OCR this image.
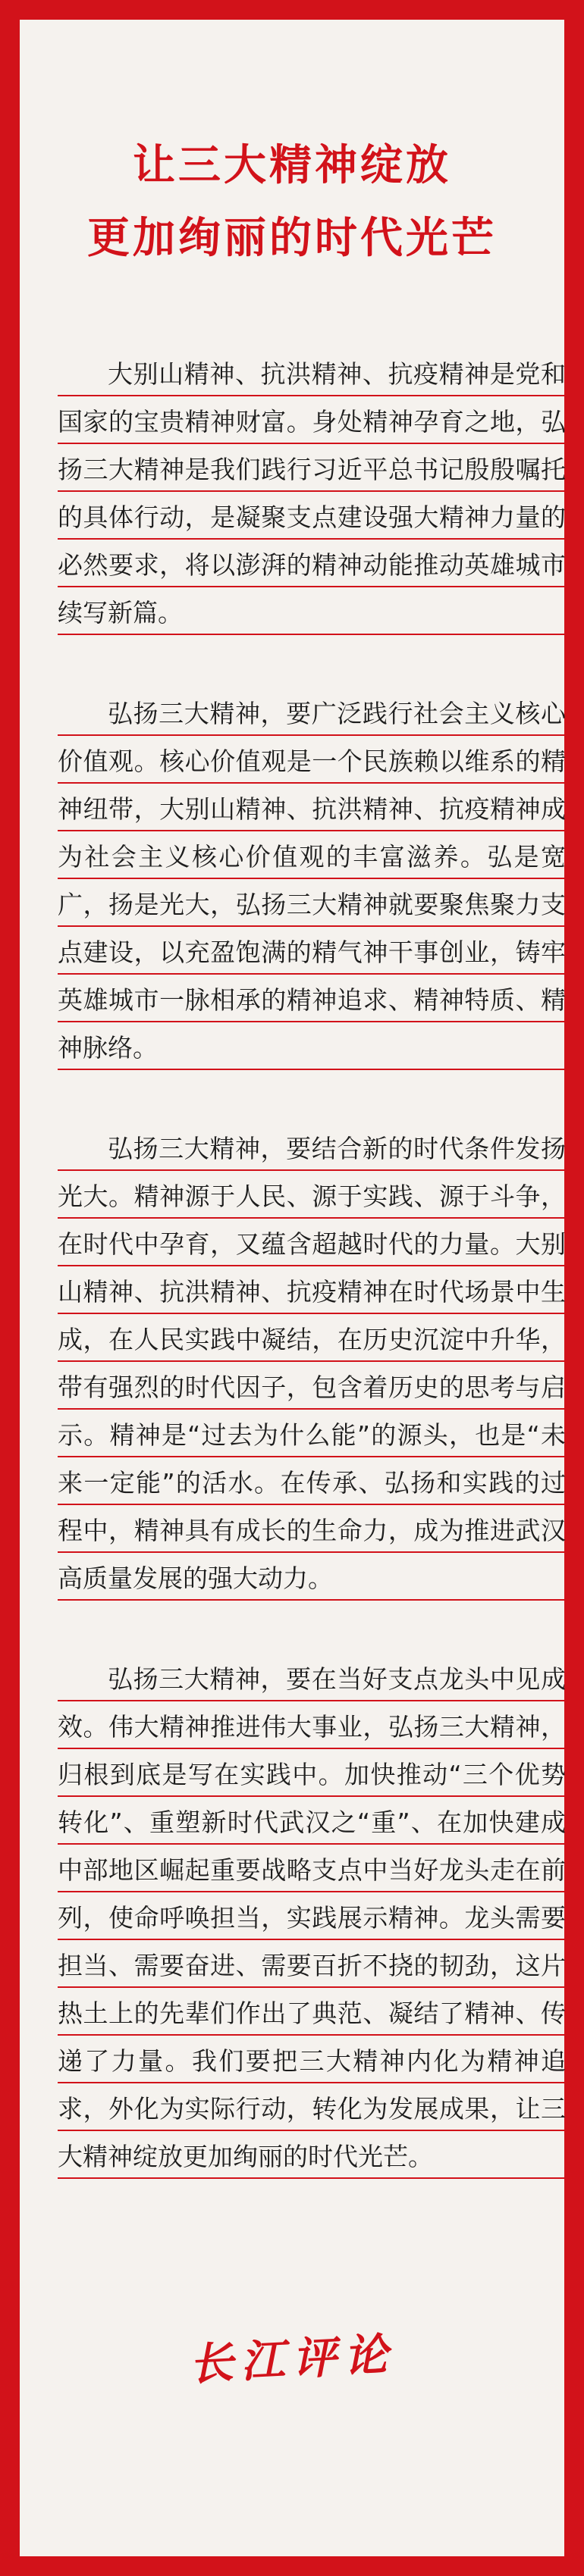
让三大精神绽放
更加绚丽的时代光芒

大别山精神、抗洪精神、抗疫精神是党和国家的宝贵精神财富。身处精神孕育之地，弘扬三大精神是我们践行习近平总书记殷殷嘱托的具体行动，是凝聚支点建设强大精神力量的必然要求，将以澎湃的精神动能推动英雄城市续写新篇。

弘扬三大精神，要广泛践行社会主义核心价值观。核心价值观是一个民族赖以维系的精神纽带，大别山精神、抗洪精神、抗疫精神成为社会主义核心价值观的丰富滋养。弘是宽广，扬是光大，弘扬三大精神就要聚焦聚力支点建设，以充盈饱满的精气神干事创业，铸牢英雄城市一脉相承的精神追求、精神特质、精神脉络。

弘扬三大精神，要结合新的时代条件发扬光大。精神源于人民、源于实践、源于斗争，在时代中孕育，又蕴含超越时代的力量。大别山精神、抗洪精神、抗疫精神在时代场景中生成，在人民实践中凝结，在历史沉淀中升华，带有强烈的时代因子，包含着历史的思考与启示。精神是“过去为什么能”的源头，也是“未来一定能”的活水。在传承、弘扬和实践的过程中，精神具有成长的生命力，成为推进武汉高质量发展的强大动力。

弘扬三大精神，要在当好支点龙头中见成效。伟大精神推进伟大事业，弘扬三大精神，归根到底是写在实践中。加快推动“三个优势转化”、重塑新时代武汉之“重”、在加快建成中部地区崛起重要战略支点中当好龙头走在前列，使命呼唤担当，实践展示精神。龙头需要担当、需要奋进、需要百折不挠的韧劲，这片热土上的先辈们作出了典范、凝结了精神、传递了力量。我们要把三大精神内化为精神追求，外化为实际行动，转化为发展成果，让三大精神绽放更加绚丽的时代光芒。

长江评论
